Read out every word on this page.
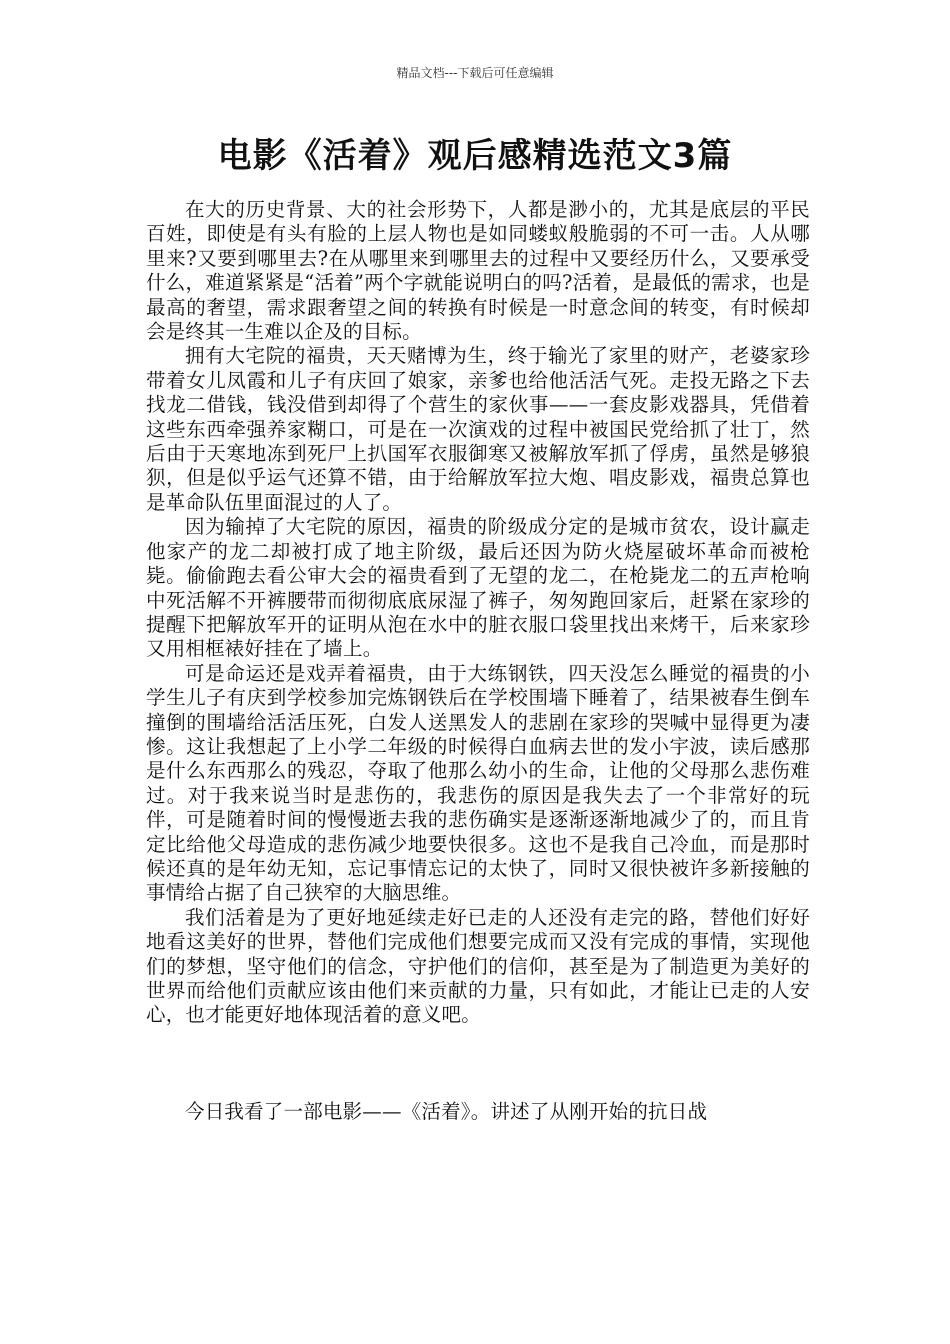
精品文档---下载后可任意编辑
电影《活着》观后感精选范文3篇

在大的历史背景、大的社会形势下，人都是渺小的，尤其是底层的平民百姓，即使是有头有脸的上层人物也是如同蝼蚁般脆弱的不可一击。人从哪里来?又要到哪里去?在从哪里来到哪里去的过程中又要经历什么，又要承受什么，难道紧紧是“活着”两个字就能说明白的吗?活着，是最低的需求，也是最高的奢望，需求跟奢望之间的转换有时候是一时意念间的转变，有时候却会是终其一生难以企及的目标。

拥有大宅院的福贵，天天赌博为生，终于输光了家里的财产，老婆家珍带着女儿凤霞和儿子有庆回了娘家，亲爹也给他活活气死。走投无路之下去找龙二借钱，钱没借到却得了个营生的家伙事——一套皮影戏器具，凭借着这些东西牵强养家糊口，可是在一次演戏的过程中被国民党给抓了壮丁，然后由于天寒地冻到死尸上扒国军衣服御寒又被解放军抓了俘虏，虽然是够狼狈，但是似乎运气还算不错，由于给解放军拉大炮、唱皮影戏，福贵总算也是革命队伍里面混过的人了。

因为输掉了大宅院的原因，福贵的阶级成分定的是城市贫农，设计赢走他家产的龙二却被打成了地主阶级，最后还因为防火烧屋破坏革命而被枪毙。偷偷跑去看公审大会的福贵看到了无望的龙二，在枪毙龙二的五声枪响中死活解不开裤腰带而彻彻底底尿湿了裤子，匆匆跑回家后，赶紧在家珍的提醒下把解放军开的证明从泡在水中的脏衣服口袋里找出来烤干，后来家珍又用相框裱好挂在了墙上。

可是命运还是戏弄着福贵，由于大练钢铁，四天没怎么睡觉的福贵的小学生儿子有庆到学校参加完炼钢铁后在学校围墙下睡着了，结果被春生倒车撞倒的围墙给活活压死，白发人送黑发人的悲剧在家珍的哭喊中显得更为凄惨。这让我想起了上小学二年级的时候得白血病去世的发小宇波，读后感那是什么东西那么的残忍，夺取了他那么幼小的生命，让他的父母那么悲伤难过。对于我来说当时是悲伤的，我悲伤的原因是我失去了一个非常好的玩伴，可是随着时间的慢慢逝去我的悲伤确实是逐渐逐渐地减少了的，而且肯定比给他父母造成的悲伤减少地要快很多。这也不是我自己冷血，而是那时候还真的是年幼无知，忘记事情忘记的太快了，同时又很快被许多新接触的事情给占据了自己狭窄的大脑思维。

我们活着是为了更好地延续走好已走的人还没有走完的路，替他们好好地看这美好的世界，替他们完成他们想要完成而又没有完成的事情，实现他们的梦想，坚守他们的信念，守护他们的信仰，甚至是为了制造更为美好的世界而给他们贡献应该由他们来贡献的力量，只有如此，才能让已走的人安心，也才能更好地体现活着的意义吧。

今日我看了一部电影——《活着》。讲述了从刚开始的抗日战
